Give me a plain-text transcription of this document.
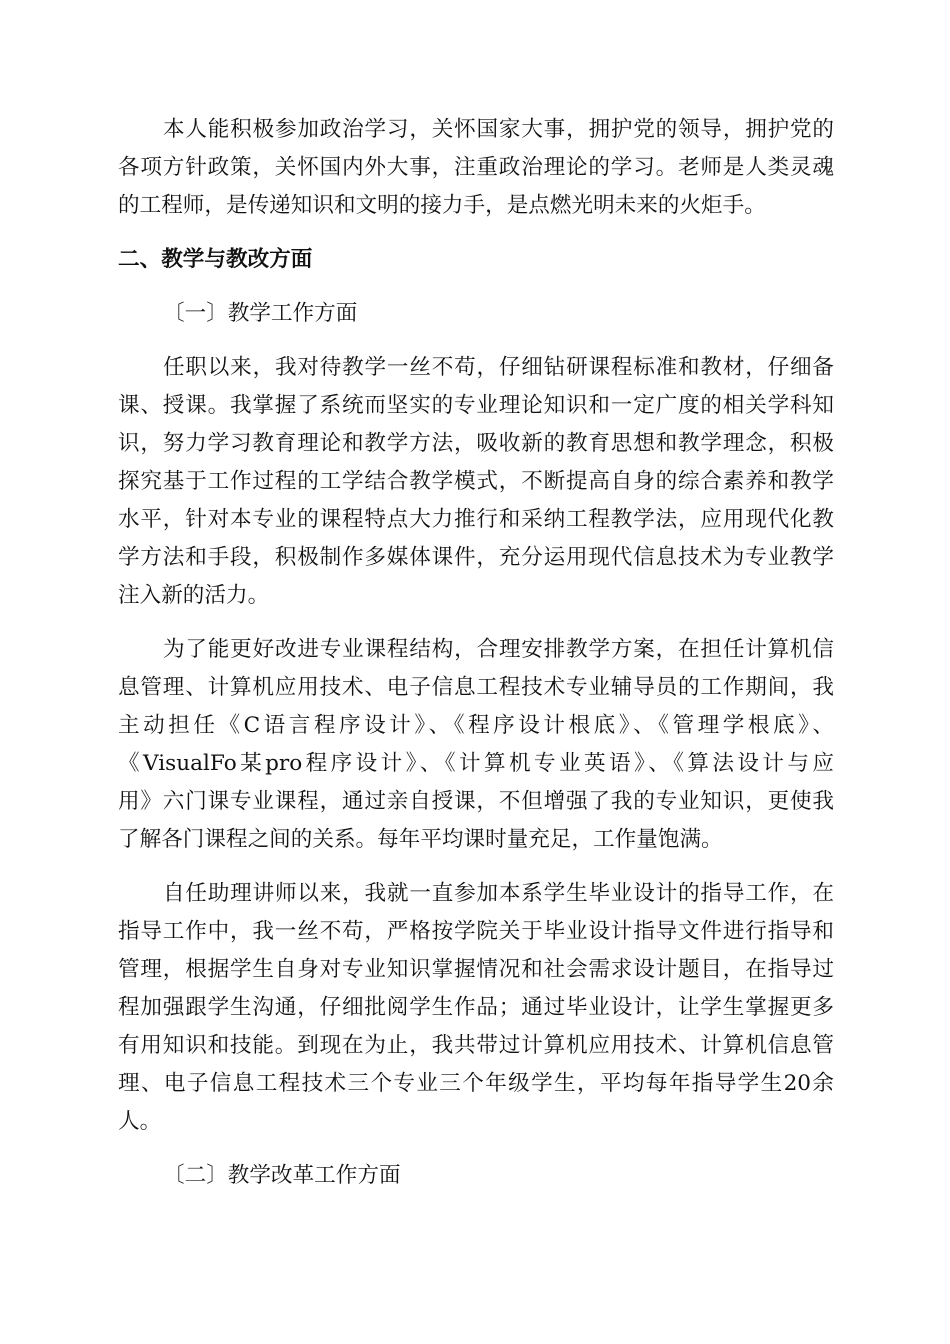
本人能积极参加政治学习，关怀国家大事，拥护党的领导，拥护党的
各项方针政策，关怀国内外大事，注重政治理论的学习。老师是人类灵魂
的工程师，是传递知识和文明的接力手，是点燃光明未来的火炬手。
二、教学与教改方面
〔一〕教学工作方面
任职以来，我对待教学一丝不苟，仔细钻研课程标准和教材，仔细备
课、授课。我掌握了系统而坚实的专业理论知识和一定广度的相关学科知
识，努力学习教育理论和教学方法，吸收新的教育思想和教学理念，积极
探究基于工作过程的工学结合教学模式，不断提高自身的综合素养和教学
水平，针对本专业的课程特点大力推行和采纳工程教学法，应用现代化教
学方法和手段，积极制作多媒体课件，充分运用现代信息技术为专业教学
注入新的活力。
为了能更好改进专业课程结构，合理安排教学方案，在担任计算机信
息管理、计算机应用技术、电子信息工程技术专业辅导员的工作期间，我
主动担任《C语言程序设计》、《程序设计根底》、《管理学根底》、
《VisualFo某pro程序设计》、《计算机专业英语》、《算法设计与应
用》六门课专业课程，通过亲自授课，不但增强了我的专业知识，更使我
了解各门课程之间的关系。每年平均课时量充足，工作量饱满。
自任助理讲师以来，我就一直参加本系学生毕业设计的指导工作，在
指导工作中，我一丝不苟，严格按学院关于毕业设计指导文件进行指导和
管理，根据学生自身对专业知识掌握情况和社会需求设计题目，在指导过
程加强跟学生沟通，仔细批阅学生作品；通过毕业设计，让学生掌握更多
有用知识和技能。到现在为止，我共带过计算机应用技术、计算机信息管
理、电子信息工程技术三个专业三个年级学生，平均每年指导学生20余
人。
〔二〕教学改革工作方面
